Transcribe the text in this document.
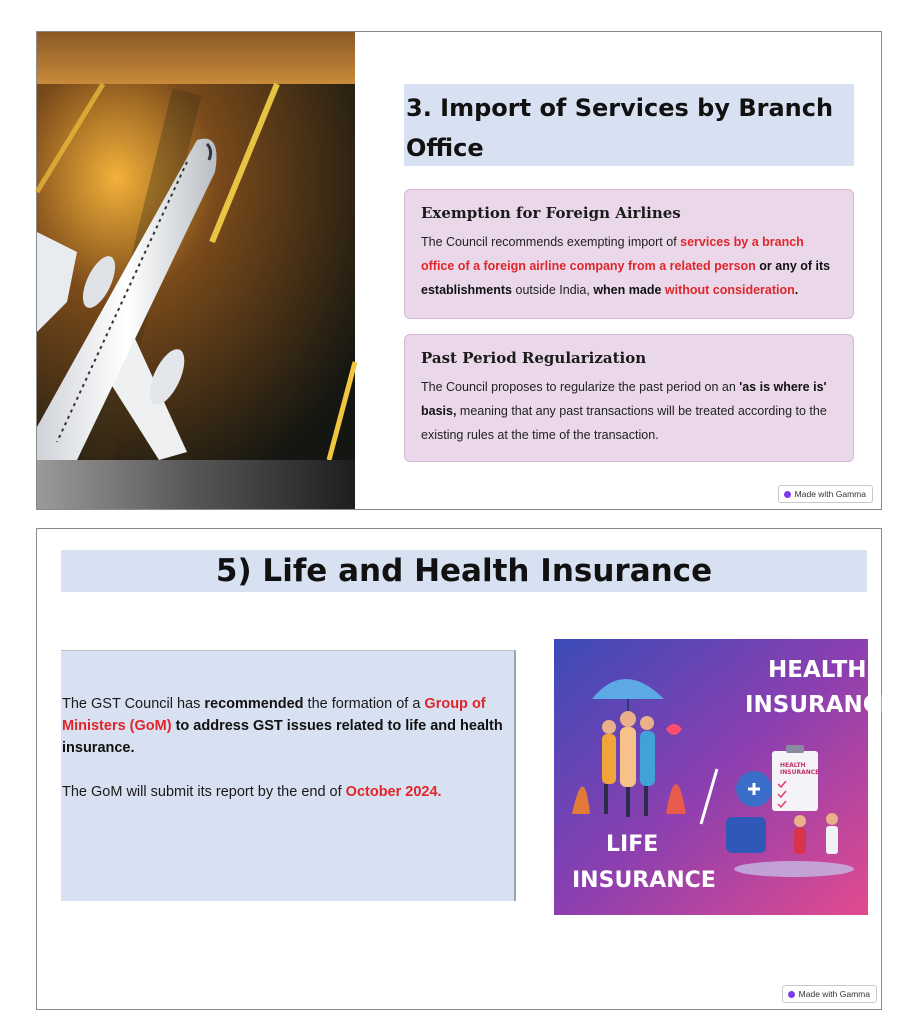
3. Import of Services by Branch Office
Exemption for Foreign Airlines

The Council recommends exempting import of services by a branch office of a foreign airline company from a related person or any of its establishments outside India, when made without consideration.

Past Period Regularization

The Council proposes to regularize the past period on an 'as is where is' basis, meaning that any past transactions will be treated according to the existing rules at the time of the transaction.

Made with Gamma
5) Life and Health Insurance

The GST Council has recommended the formation of a Group of Ministers (GoM) to address GST issues related to life and health insurance.

The GoM will submit its report by the end of October 2024.

HEALTH
INSURANCE
HEALTH
INSURANCE
LIFE
INSURANCE
Made with Gamma
